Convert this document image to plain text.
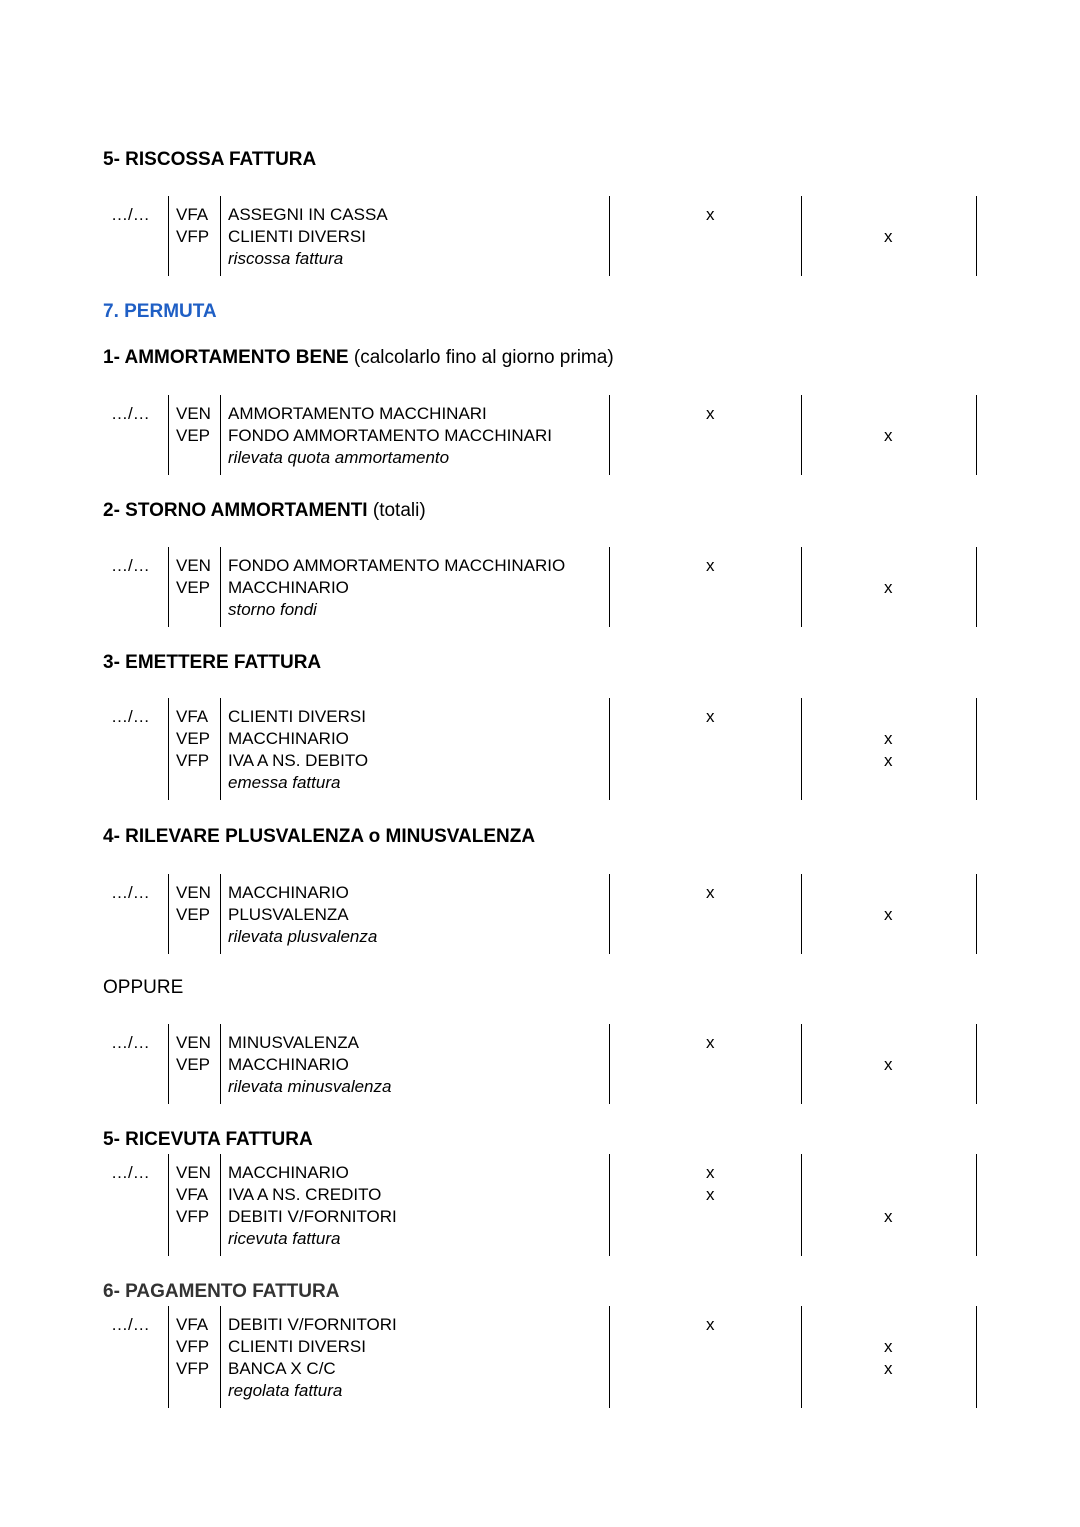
5- RISCOSSA FATTURA
7. PERMUTA
1- AMMORTAMENTO BENE (calcolarlo fino al giorno prima)
2- STORNO AMMORTAMENTI (totali)
3- EMETTERE FATTURA
4- RILEVARE PLUSVALENZA o MINUSVALENZA
OPPURE
5- RICEVUTA FATTURA
6- PAGAMENTO FATTURA
…/… VFA
VFP
ASSEGNI IN CASSA
CLIENTI DIVERSI
riscossa fattura
x
x
…/… VEN
VEP
AMMORTAMENTO MACCHINARI
FONDO AMMORTAMENTO MACCHINARI
rilevata quota ammortamento
x
x
…/… VEN
VEP
FONDO AMMORTAMENTO MACCHINARIO
MACCHINARIO
storno fondi
x
x
…/… VFA
VEP
VFP
CLIENTI DIVERSI
MACCHINARIO
IVA A NS. DEBITO
emessa fattura
x
x
x
…/… VEN
VEP
MACCHINARIO
PLUSVALENZA
rilevata plusvalenza
x
x
…/… VEN
VEP
MINUSVALENZA
MACCHINARIO
rilevata minusvalenza
x
x
…/… VEN
VFA
VFP
MACCHINARIO
IVA A NS. CREDITO
DEBITI V/FORNITORI
ricevuta fattura
x
x
x
…/… VFA
VFP
VFP
DEBITI V/FORNITORI
CLIENTI DIVERSI
BANCA X C/C
regolata fattura
x
x
x
